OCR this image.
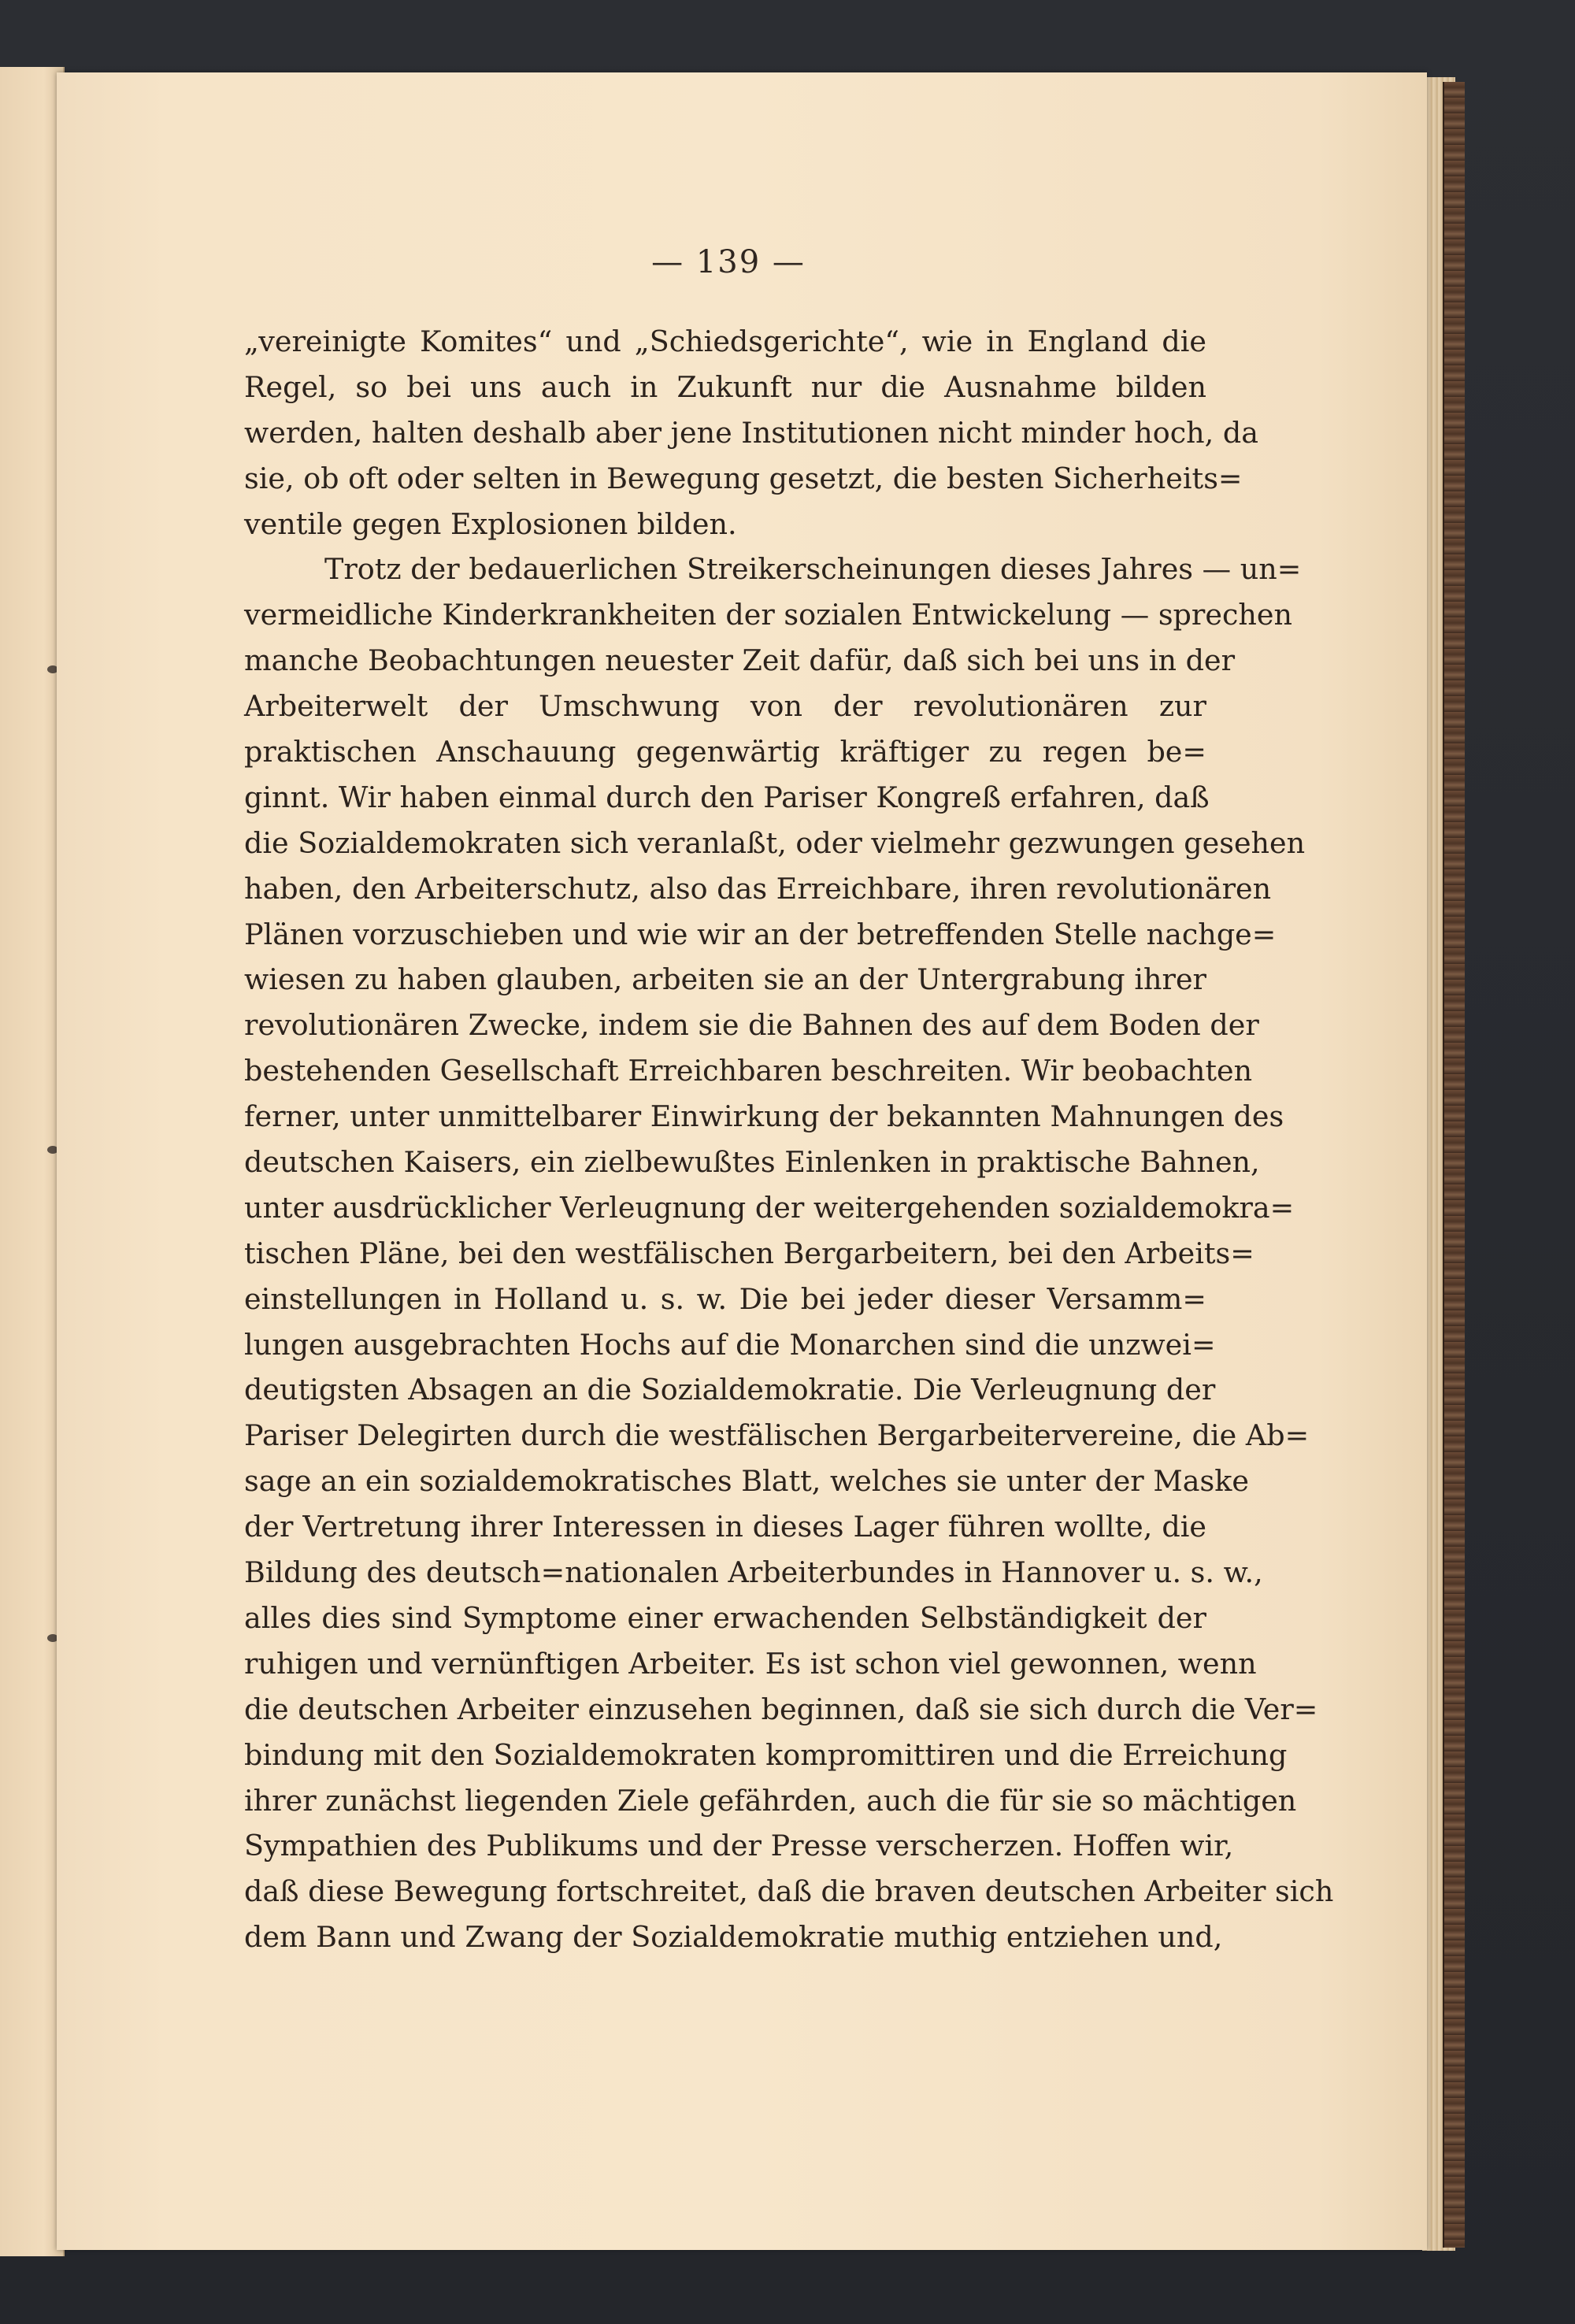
— 139 —
„vereinigte Komites“ und „Schiedsgerichte“, wie in England die
Regel, so bei uns auch in Zukunft nur die Ausnahme bilden
werden, halten deshalb aber jene Institutionen nicht minder hoch, da
sie, ob oft oder selten in Bewegung gesetzt, die besten Sicherheits=
ventile gegen Explosionen bilden.
Trotz der bedauerlichen Streikerscheinungen dieses Jahres — un=
vermeidliche Kinderkrankheiten der sozialen Entwickelung — sprechen
manche Beobachtungen neuester Zeit dafür, daß sich bei uns in der
Arbeiterwelt der Umschwung von der revolutionären zur
praktischen Anschauung gegenwärtig kräftiger zu regen be=
ginnt. Wir haben einmal durch den Pariser Kongreß erfahren, daß
die Sozialdemokraten sich veranlaßt, oder vielmehr gezwungen gesehen
haben, den Arbeiterschutz, also das Erreichbare, ihren revolutionären
Plänen vorzuschieben und wie wir an der betreffenden Stelle nachge=
wiesen zu haben glauben, arbeiten sie an der Untergrabung ihrer
revolutionären Zwecke, indem sie die Bahnen des auf dem Boden der
bestehenden Gesellschaft Erreichbaren beschreiten. Wir beobachten
ferner, unter unmittelbarer Einwirkung der bekannten Mahnungen des
deutschen Kaisers, ein zielbewußtes Einlenken in praktische Bahnen,
unter ausdrücklicher Verleugnung der weitergehenden sozialdemokra=
tischen Pläne, bei den westfälischen Bergarbeitern, bei den Arbeits=
einstellungen in Holland u. s. w. Die bei jeder dieser Versamm=
lungen ausgebrachten Hochs auf die Monarchen sind die unzwei=
deutigsten Absagen an die Sozialdemokratie. Die Verleugnung der
Pariser Delegirten durch die westfälischen Bergarbeitervereine, die Ab=
sage an ein sozialdemokratisches Blatt, welches sie unter der Maske
der Vertretung ihrer Interessen in dieses Lager führen wollte, die
Bildung des deutsch=nationalen Arbeiterbundes in Hannover u. s. w.,
alles dies sind Symptome einer erwachenden Selbständigkeit der
ruhigen und vernünftigen Arbeiter. Es ist schon viel gewonnen, wenn
die deutschen Arbeiter einzusehen beginnen, daß sie sich durch die Ver=
bindung mit den Sozialdemokraten kompromittiren und die Erreichung
ihrer zunächst liegenden Ziele gefährden, auch die für sie so mächtigen
Sympathien des Publikums und der Presse verscherzen. Hoffen wir,
daß diese Bewegung fortschreitet, daß die braven deutschen Arbeiter sich
dem Bann und Zwang der Sozialdemokratie muthig entziehen und,
